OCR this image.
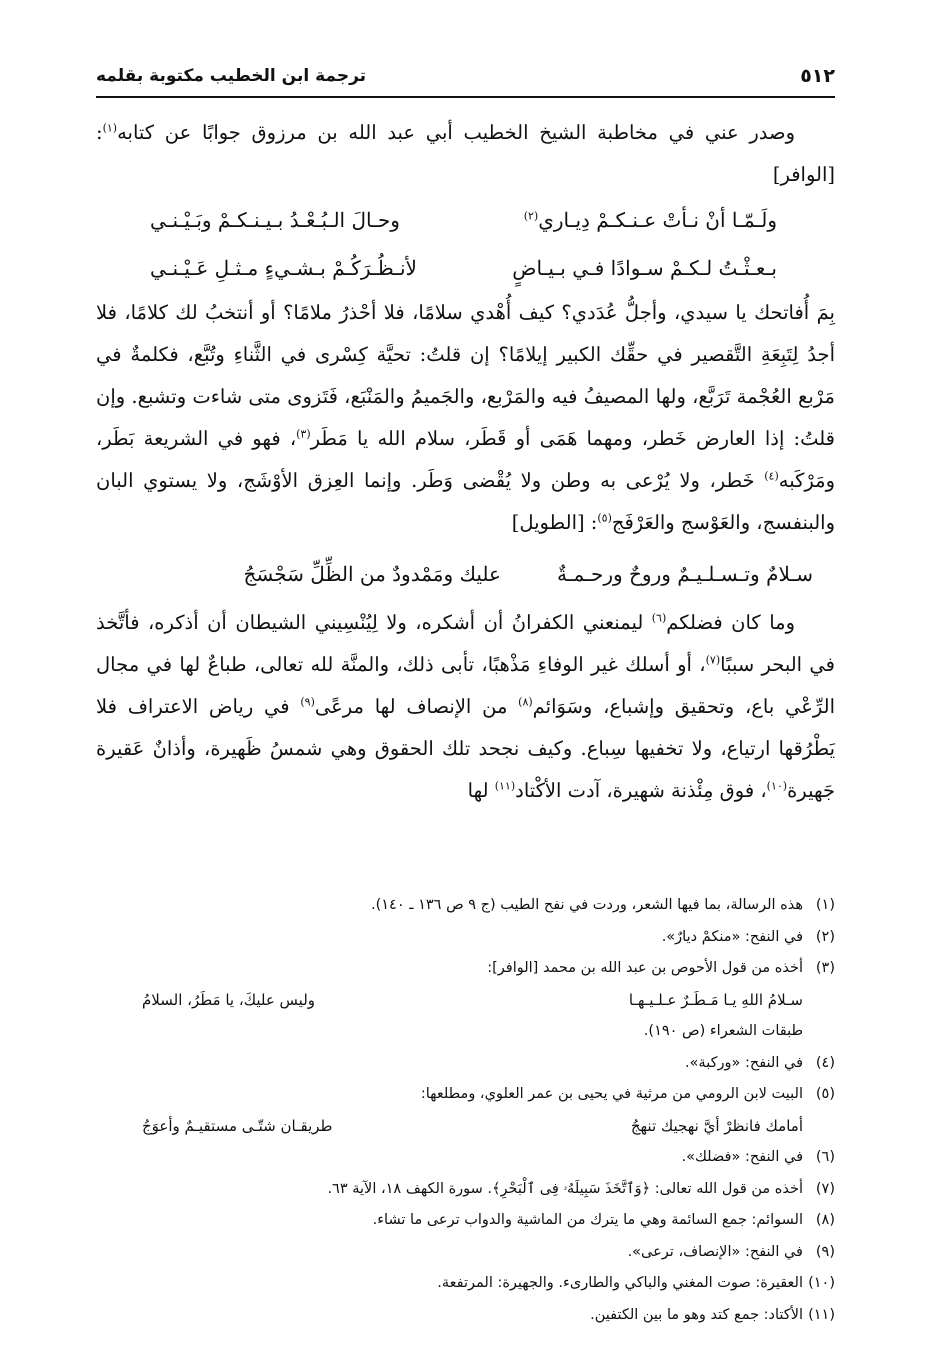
٥١٢
ترجمة ابن الخطيب مكتوبة بقلمه

وصدر عني في مخاطبة الشيخ الخطيب أبي عبد الله بن مرزوق جوابًا عن كتابه$^{(١)}$: [الوافر]

ولَـمّـا أنْ نـأتْ عـنـكـمْ دِيـاري$^{(٢)}$
وحـالَ الـبُـعْـدُ بـيـنـكـمْ وبَـيْـنـي
بـعـثْـتُ لـكـمْ سـوادًا فـي بـيـاضٍ
لأنـظُـرَكُـمْ بـشـيءٍ مـثـلِ عَـيْـنـي

بِمَ أُفاتحك يا سيدي، وأجلُّ عُدَدي؟ كيف أُهْدي سلامًا، فلا أحْذرُ ملامًا؟ أو أنتخبُ لك كلامًا، فلا أجدُ لِتَبِعَةِ التَّقصير في حقِّك الكبير إيلامًا؟ إن قلتُ: تحيَّة كِسْرى في الثَّناءِ وتُبَّع، فكلمةٌ في مَرْبع العُجْمة تَرَبَّع، ولها المصيفُ فيه والمَرْبع، والجَميمُ والمَنْبَع، فَتَزوى متى شاءت وتشبع. وإن قلتُ: إذا العارض خَطر، ومهما هَمَى أو قَطَر، سلام الله يا مَطَر$^{(٣)}$، فهو في الشريعة بَطَر، ومَرْكَبه$^{(٤)}$ خَطر، ولا يُرْعى به وطن ولا يُقْضى وَطَر. وإنما العِزق الأوْشَج، ولا يستوي البان والبنفسج، والعَوْسج والعَرْفَج$^{(٥)}$: [الطويل]

سـلامٌ وتـسـلـيـمٌ وروحٌ ورحـمـةٌ
عليك ومَمْدودٌ من الظِّلِّ سَجْسَجُ

وما كان فضلكم$^{(٦)}$ ليمنعني الكفرانُ أن أشكره، ولا لِيُنْسِيني الشيطان أن أذكره، فأتَّخذ في البحر سببًا$^{(٧)}$، أو أسلك غير الوفاءِ مَذْهبًا، تأبى ذلك، والمنَّة لله تعالى، طباعٌ لها في مجال الرِّعْي باع، وتحقيق وإشباع، وسَوَائم$^{(٨)}$ من الإنصاف لها مرعًى$^{(٩)}$ في رياض الاعتراف فلا يَطْرُقها ارتياع، ولا تخفيها سِباع. وكيف نجحد تلك الحقوق وهي شمسُ ظَهيرة، وأذانٌ عَقيرة جَهيرة$^{(١٠)}$، فوق مِئْذنة شهيرة، آدت الأكْتاد$^{(١١)}$ لها

(١)
هذه الرسالة، بما فيها الشعر، وردت في نفح الطيب (ج ٩ ص ١٣٦ ـ ١٤٠).
(٢)
في النفح: «منكمْ ديارٌ».
(٣)
أخذه من قول الأحوص بن عبد الله بن محمد [الوافر]:
سـلامُ اللهِ يـا مَـطَـرٌ عـلـيـهـا
وليس عليكَ، يا مَطَرُ، السلامُ
طبقات الشعراء (ص ١٩٠).
(٤)
في النفح: «وركبة».
(٥)
البيت لابن الرومي من مرثية في يحيى بن عمر العلوي، ومطلعها:
أمامك فانظرْ أيَّ نهجيك تنهجُ
طريقـان شتّـى مستقيـمٌ وأعوَجُ
(٦)
في النفح: «فضلك».
(٧)
أخذه من قول الله تعالى: ﴿وَٱتَّخَذَ سَبِيلَهُۥ فِى ٱلْبَحْرِ﴾. سورة الكهف ١٨، الآية ٦٣.
(٨)
السوائم: جمع السائمة وهي ما يترك من الماشية والدواب ترعى ما تشاء.
(٩)
في النفح: «الإنصاف، ترعى».
(١٠)
العقيرة: صوت المغني والباكي والطارىء. والجهيرة: المرتفعة.
(١١)
الأكتاد: جمع كتد وهو ما بين الكتفين.
